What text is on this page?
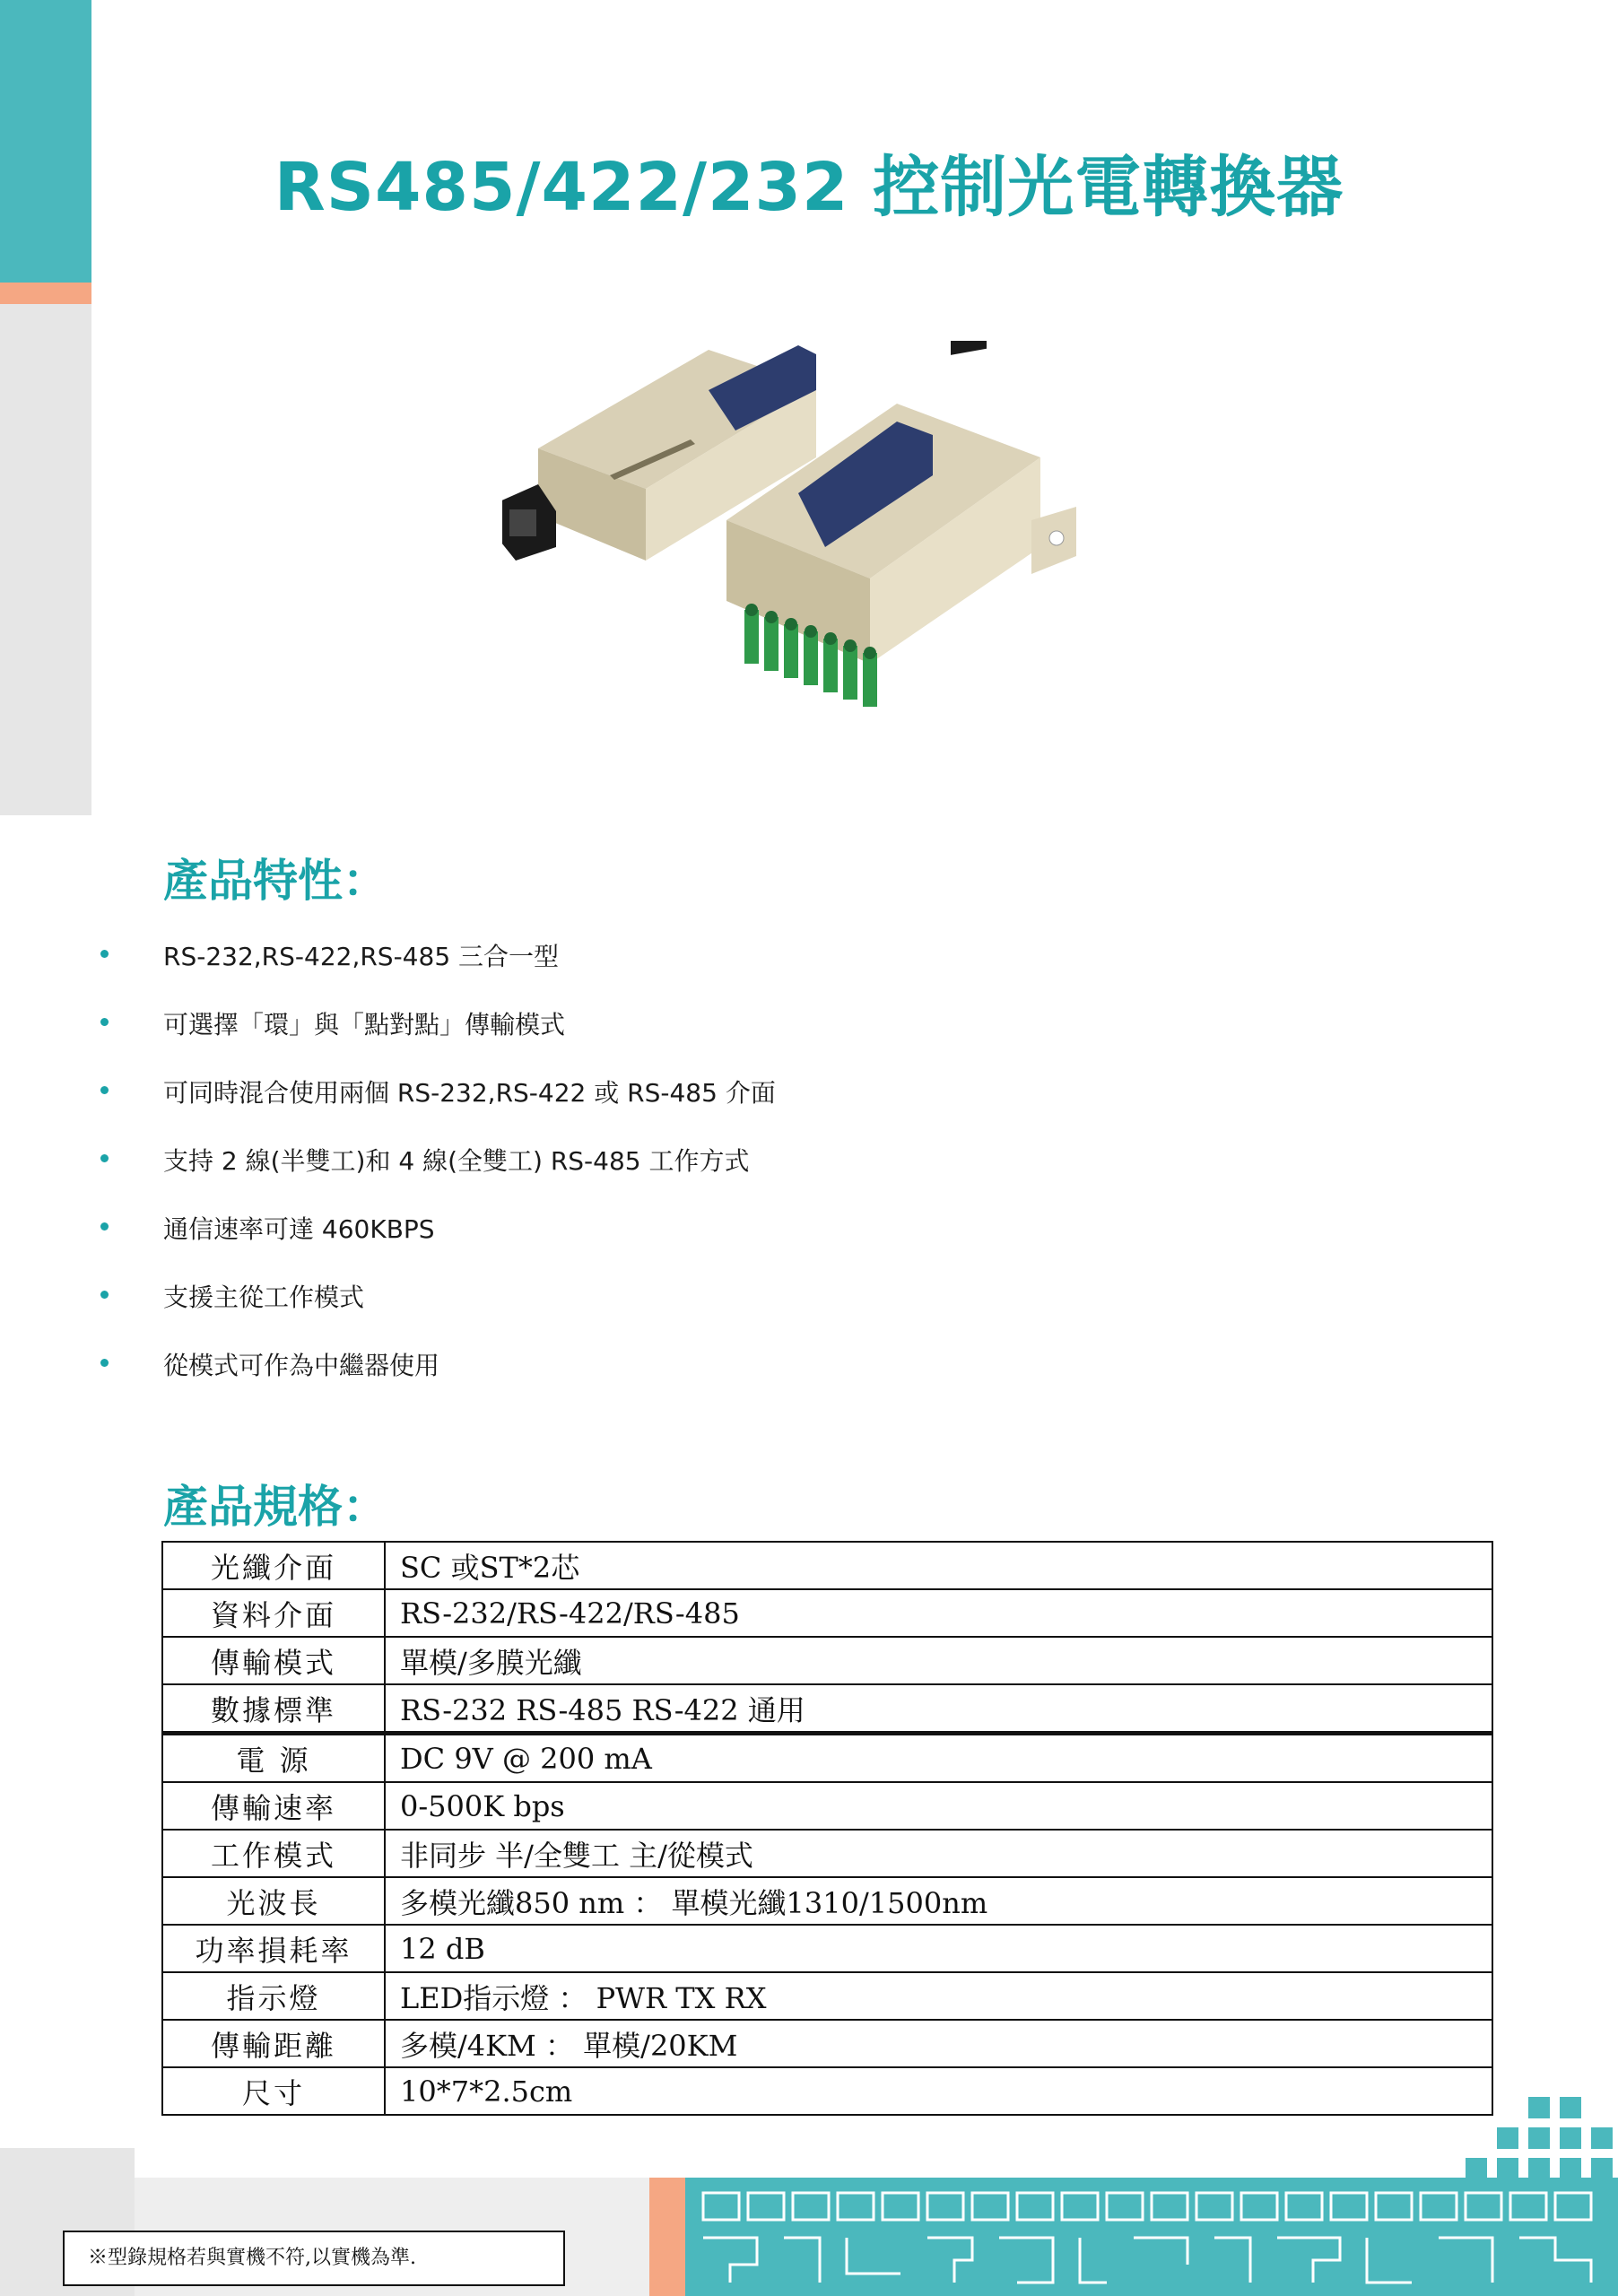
RS485/422/232 控制光電轉換器
產品特性：
RS-232,RS-422,RS-485 三合一型
可選擇「環」與「點對點」傳輸模式
可同時混合使用兩個 RS-232,RS-422 或 RS-485 介面
支持 2 線(半雙工)和 4 線(全雙工) RS-485 工作方式
通信速率可達 460KBPS
支援主從工作模式
從模式可作為中繼器使用
產品規格：
光纖介面	SC 或ST*2芯
資料介面	RS-232/RS-422/RS-485
傳輸模式	單模/多膜光纖
數據標準	RS-232 RS-485 RS-422 通用
電 源	DC 9V @ 200 mA
傳輸速率	0-500K bps
工作模式	非同步 半/全雙工 主/從模式
光波長	多模光纖850 nm ： 單模光纖1310/1500nm
功率損耗率	12 dB
指示燈	LED指示燈 ： PWR TX RX
傳輸距離	多模/4KM ： 單模/20KM
尺寸	10*7*2.5cm
※型錄規格若與實機不符,以實機為準.
